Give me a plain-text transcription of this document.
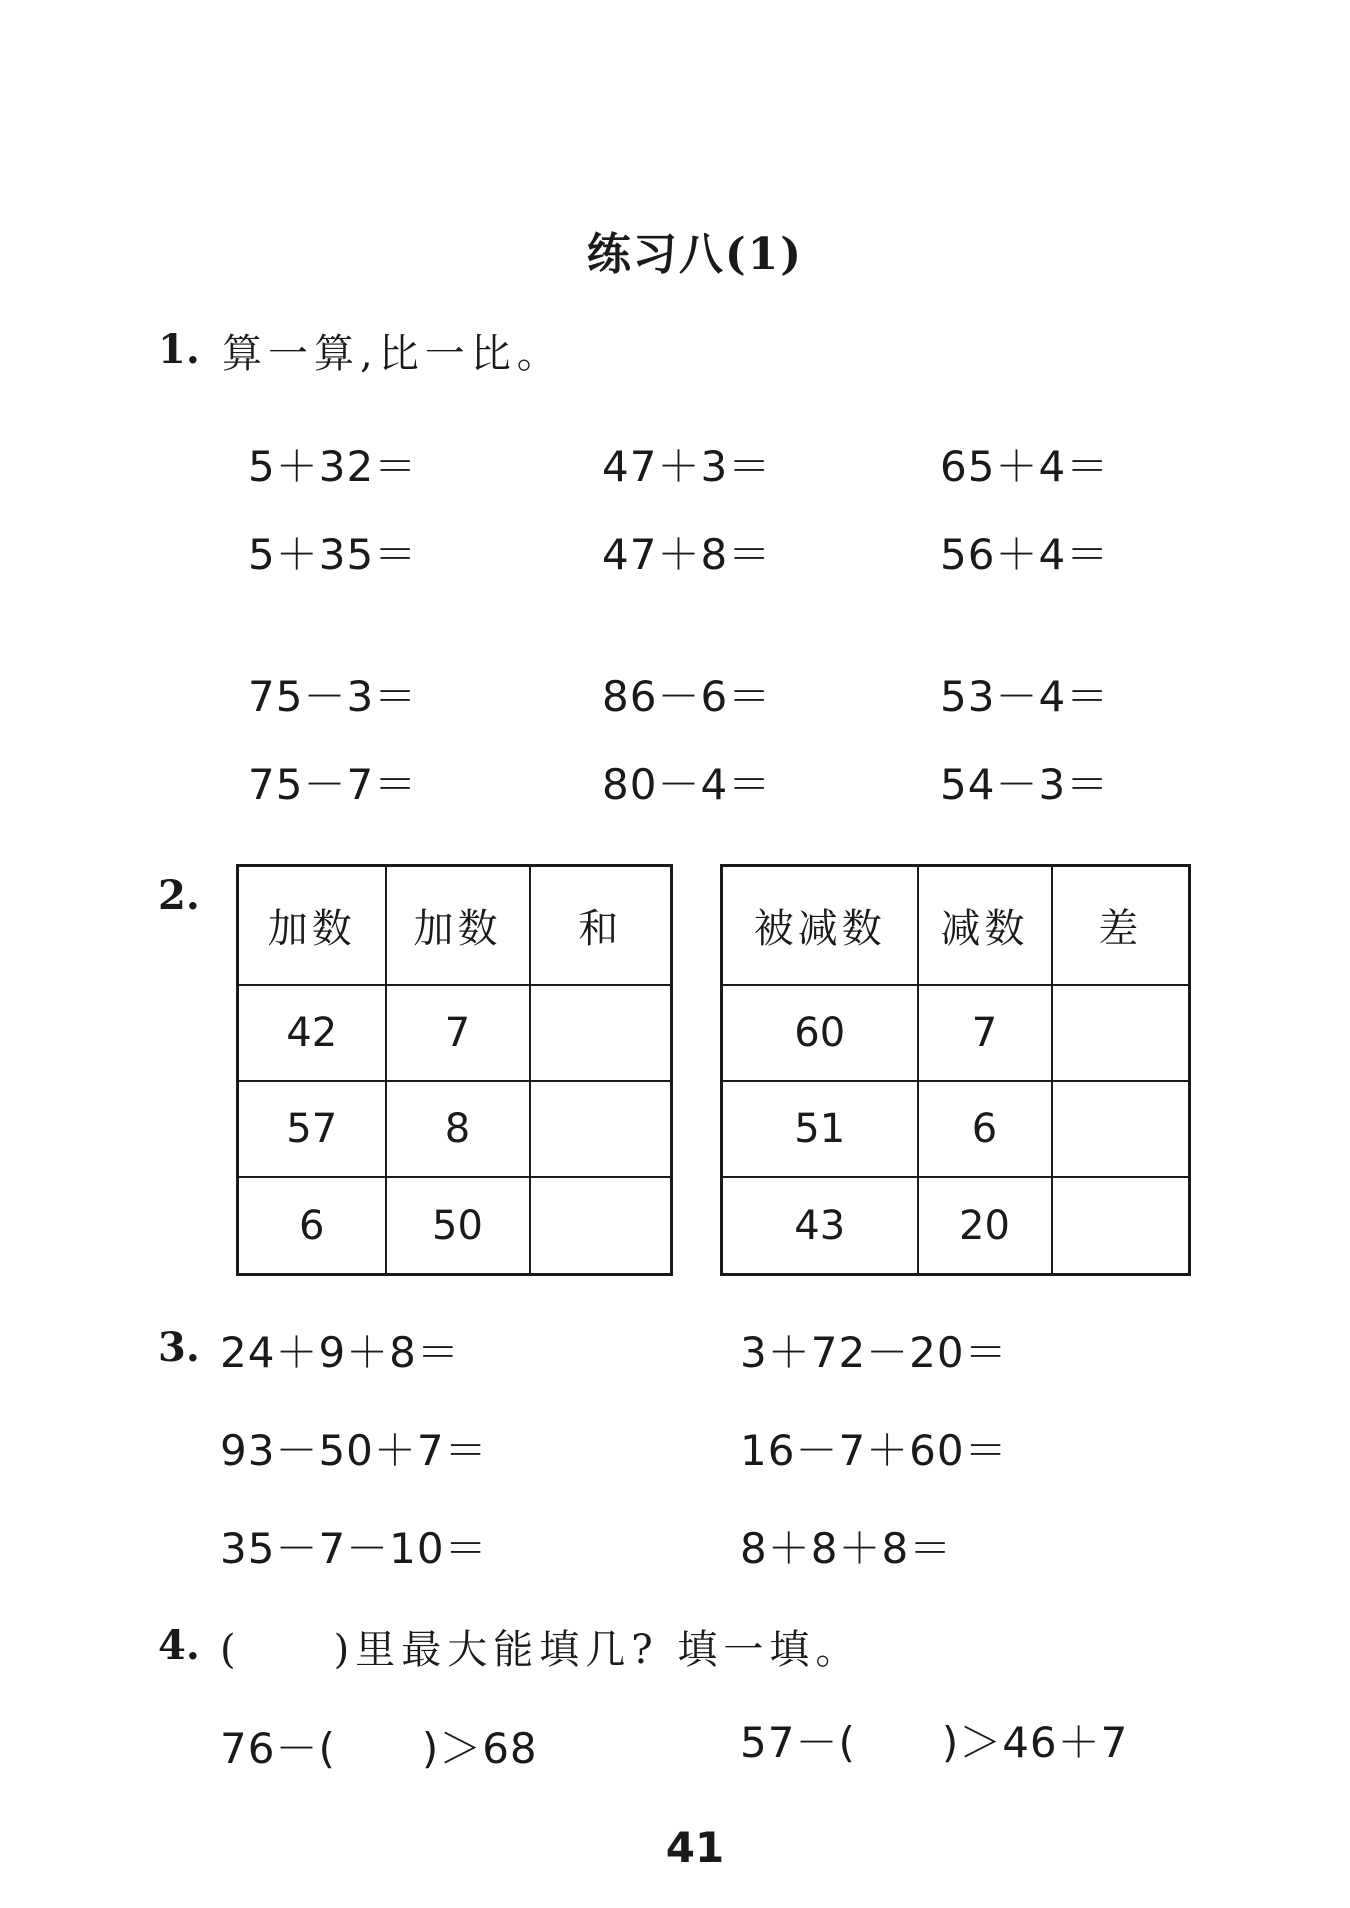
练习八(1)
1. 算一算,比一比。
5＋32＝	47＋3＝	65＋4＝
5＋35＝	47＋8＝	56＋4＝
75－3＝	86－6＝	53－4＝
75－7＝	80－4＝	54－3＝
2.
加数	加数	和
42	7	
57	8	
6	50	
被减数	减数	差
60	7	
51	6	
43	20	
3. 24＋9＋8＝	3＋72－20＝
93－50＋7＝	16－7＋60＝
35－7－10＝	8＋8＋8＝
4. (　　)里最大能填几? 填一填。
76－(　　)＞68	57－(　　)＞46＋7
41
